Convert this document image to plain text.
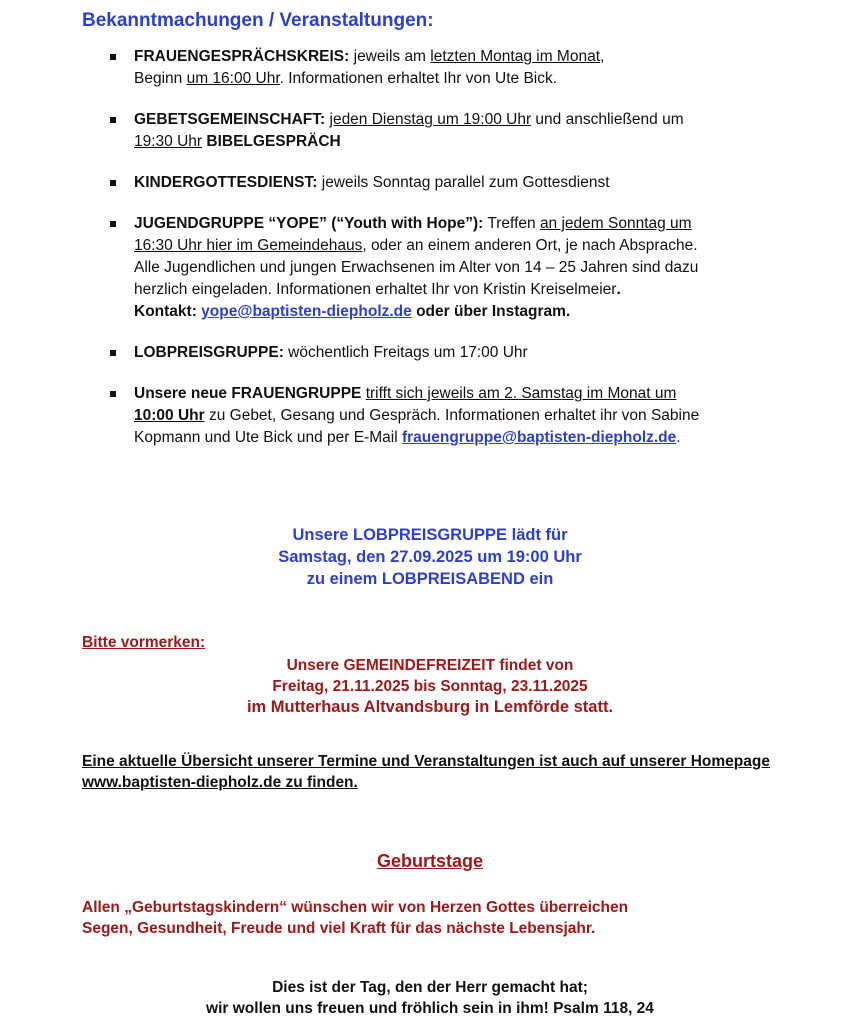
Bekanntmachungen / Veranstaltungen:
FRAUENGESPRÄCHSKREIS: jeweils am letzten Montag im Monat,
Beginn um 16:00 Uhr. Informationen erhaltet Ihr von Ute Bick.
GEBETSGEMEINSCHAFT: jeden Dienstag um 19:00 Uhr und anschließend um
19:30 Uhr BIBELGESPRÄCH
KINDERGOTTESDIENST: jeweils Sonntag parallel zum Gottesdienst
JUGENDGRUPPE “YOPE” (“Youth with Hope”): Treffen an jedem Sonntag um
16:30 Uhr hier im Gemeindehaus, oder an einem anderen Ort, je nach Absprache.
Alle Jugendlichen und jungen Erwachsenen im Alter von 14 – 25 Jahren sind dazu
herzlich eingeladen. Informationen erhaltet Ihr von Kristin Kreiselmeier.
Kontakt: yope@baptisten-diepholz.de oder über Instagram.
LOBPREISGRUPPE: wöchentlich Freitags um 17:00 Uhr
Unsere neue FRAUENGRUPPE trifft sich jeweils am 2. Samstag im Monat um
10:00 Uhr zu Gebet, Gesang und Gespräch. Informationen erhaltet ihr von Sabine
Kopmann und Ute Bick und per E-Mail frauengruppe@baptisten-diepholz.de.
Unsere LOBPREISGRUPPE lädt für
Samstag, den 27.09.2025 um 19:00 Uhr
zu einem LOBPREISABEND ein
Bitte vormerken:
Unsere GEMEINDEFREIZEIT findet von
Freitag, 21.11.2025 bis Sonntag, 23.11.2025
im Mutterhaus Altvandsburg in Lemförde statt.
Eine aktuelle Übersicht unserer Termine und Veranstaltungen ist auch auf unserer Homepage www.baptisten-diepholz.de zu finden.
Geburtstage
Allen „Geburtstagskindern“ wünschen wir von Herzen Gottes überreichen
Segen, Gesundheit, Freude und viel Kraft für das nächste Lebensjahr.
Dies ist der Tag, den der Herr gemacht hat;
wir wollen uns freuen und fröhlich sein in ihm! Psalm 118, 24
